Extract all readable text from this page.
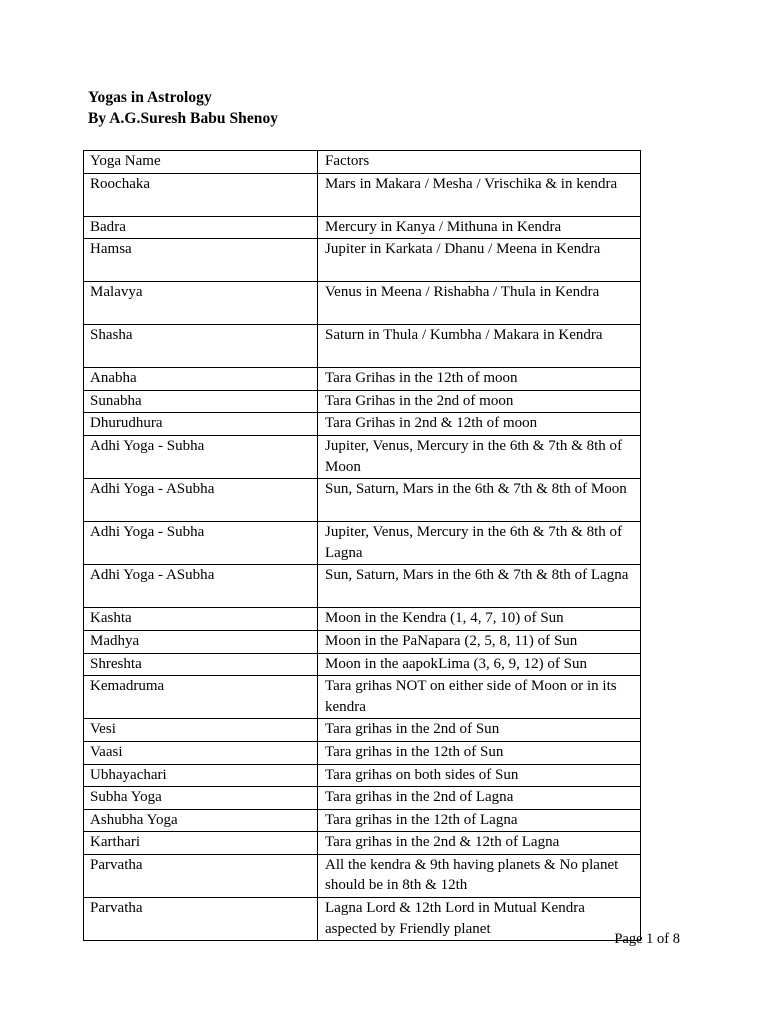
Yogas in Astrology
By A.G.Suresh Babu Shenoy
Yoga Name	Factors
Roochaka	Mars in Makara / Mesha / Vrischika & in kendra
Badra	Mercury in Kanya / Mithuna in Kendra
Hamsa	Jupiter in Karkata / Dhanu / Meena in Kendra
Malavya	Venus in Meena / Rishabha / Thula in Kendra
Shasha	Saturn in Thula / Kumbha / Makara in Kendra
Anabha	Tara Grihas in the 12th of moon
Sunabha	Tara Grihas in the 2nd of moon
Dhurudhura	Tara Grihas in 2nd & 12th of moon
Adhi Yoga - Subha	Jupiter, Venus, Mercury in the 6th & 7th & 8th of Moon
Adhi Yoga - ASubha	Sun, Saturn, Mars in the 6th & 7th & 8th of Moon
Adhi Yoga - Subha	Jupiter, Venus, Mercury in the 6th & 7th & 8th of Lagna
Adhi Yoga - ASubha	Sun, Saturn, Mars in the 6th & 7th & 8th of Lagna
Kashta	Moon in the Kendra (1, 4, 7, 10) of Sun
Madhya	Moon in the PaNapara (2, 5, 8, 11) of Sun
Shreshta	Moon in the aapokLima (3, 6, 9, 12) of Sun
Kemadruma	Tara grihas NOT on either side of Moon or in its kendra
Vesi	Tara grihas in the 2nd of Sun
Vaasi	Tara grihas in the 12th of Sun
Ubhayachari	Tara grihas on both sides of Sun
Subha Yoga	Tara grihas in the 2nd of Lagna
Ashubha Yoga	Tara grihas in the 12th of Lagna
Karthari	Tara grihas in the 2nd & 12th of Lagna
Parvatha	All the kendra & 9th having planets & No planet should be in 8th & 12th
Parvatha	Lagna Lord & 12th Lord in Mutual Kendra aspected by Friendly planet
Page 1 of 8
